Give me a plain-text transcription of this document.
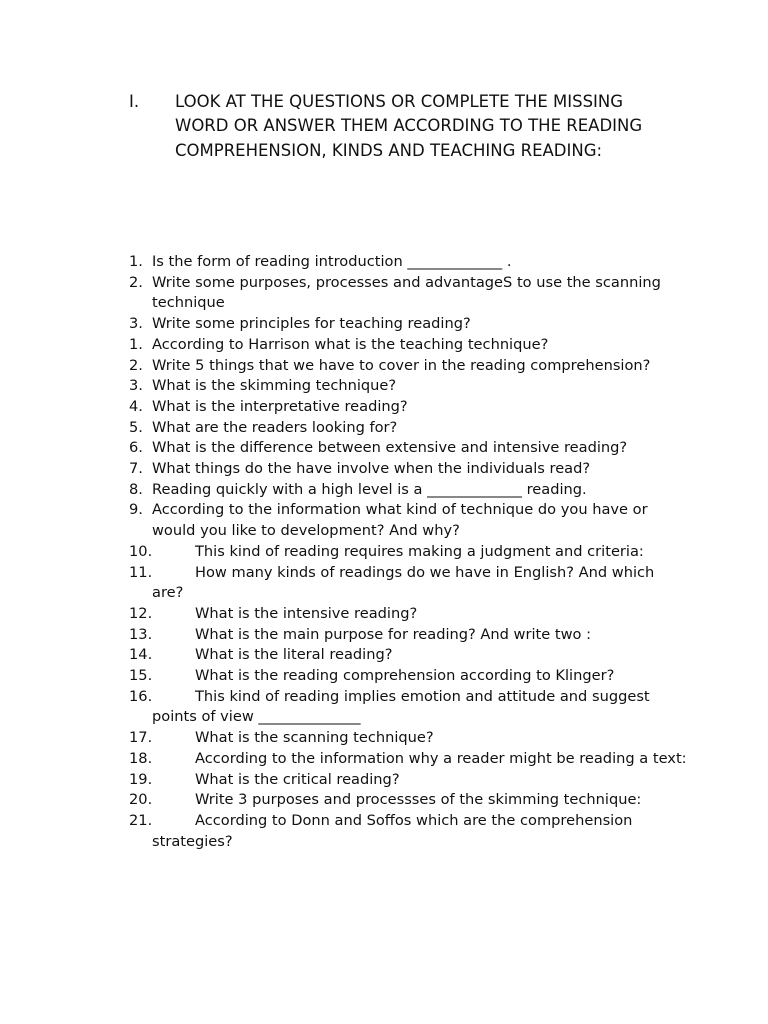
I. LOOK AT THE QUESTIONS OR COMPLETE THE MISSING WORD OR ANSWER THEM ACCORDING TO THE READING COMPREHENSION, KINDS AND TEACHING READING:
1. Is the form of reading introduction _____________ .
2. Write some purposes, processes and advantageS to use the scanning technique
3. Write some principles for teaching reading?
1. According to Harrison what is the teaching technique?
2. Write 5 things that we have to cover in the reading comprehension?
3. What is the skimming technique?
4. What is the interpretative reading?
5. What are the readers looking for?
6. What is the difference between extensive and intensive reading?
7. What things do the have involve when the individuals read?
8. Reading quickly with a high level is a _____________ reading.
9. According to the information what kind of technique do you have or would you like to development? And why?
10.	This kind of reading requires making a judgment and criteria:
11.	How many kinds of readings do we have in English? And which are?
12.	What is the intensive reading?
13.	What is the main purpose for reading? And write two :
14.	What is the literal reading?
15.	What is the reading comprehension according to Klinger?
16.	This kind of reading implies emotion and attitude and suggest points of view ______________
17.	What is the scanning technique?
18.	According to the information why a reader might be reading a text:
19.	What is the critical reading?
20.	Write 3 purposes and processses of the skimming technique:
21.	According to Donn and Soffos which are the comprehension strategies?
